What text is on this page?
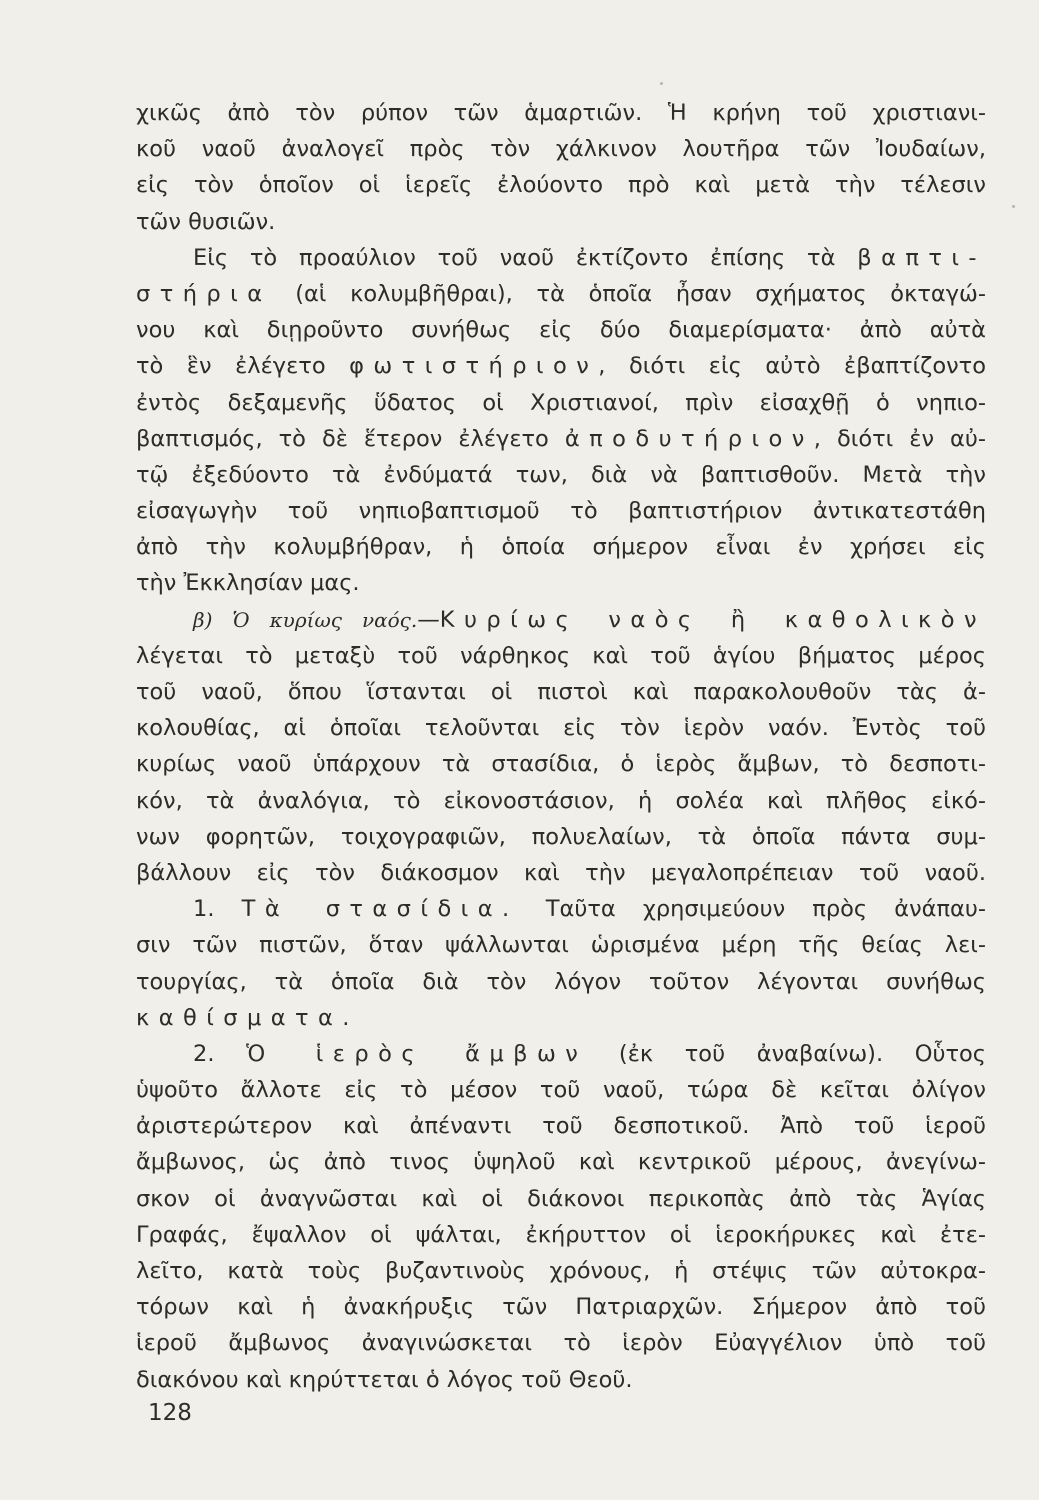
χικῶς ἀπὸ τὸν ρύπον τῶν ἁμαρτιῶν. Ἡ κρήνη τοῦ χριστιανι-
κοῦ ναοῦ ἀναλογεῖ πρὸς τὸν χάλκινον λουτῆρα τῶν Ἰουδαίων,
εἰς τὸν ὁποῖον οἱ ἱερεῖς ἐλούοντο πρὸ καὶ μετὰ τὴν τέλεσιν
τῶν θυσιῶν.
Εἰς τὸ προαύλιον τοῦ ναοῦ ἐκτίζοντο ἐπίσης τὰ βαπτι-
στήρια (αἱ κολυμβῆθραι), τὰ ὁποῖα ἦσαν σχήματος ὀκταγώ-
νου καὶ διῃροῦντο συνήθως εἰς δύο διαμερίσματα· ἀπὸ αὐτὰ
τὸ ἓν ἐλέγετο φωτιστήριον, διότι εἰς αὐτὸ ἐβαπτίζοντο
ἐντὸς δεξαμενῆς ὕδατος οἱ Χριστιανοί, πρὶν εἰσαχθῇ ὁ νηπιο-
βαπτισμός, τὸ δὲ ἕτερον ἐλέγετο ἀποδυτήριον, διότι ἐν αὐ-
τῷ ἐξεδύοντο τὰ ἐνδύματά των, διὰ νὰ βαπτισθοῦν. Μετὰ τὴν
εἰσαγωγὴν τοῦ νηπιοβαπτισμοῦ τὸ βαπτιστήριον ἀντικατεστάθη
ἀπὸ τὴν κολυμβήθραν, ἡ ὁποία σήμερον εἶναι ἐν χρήσει εἰς
τὴν Ἐκκλησίαν μας.
β) Ὁ κυρίως ναός.—Κυρίως ναὸς ἢ καθολικὸν
λέγεται τὸ μεταξὺ τοῦ νάρθηκος καὶ τοῦ ἁγίου βήματος μέρος
τοῦ ναοῦ, ὅπου ἵστανται οἱ πιστοὶ καὶ παρακολουθοῦν τὰς ἀ-
κολουθίας, αἱ ὁποῖαι τελοῦνται εἰς τὸν ἱερὸν ναόν. Ἐντὸς τοῦ
κυρίως ναοῦ ὑπάρχουν τὰ στασίδια, ὁ ἱερὸς ἄμβων, τὸ δεσποτι-
κόν, τὰ ἀναλόγια, τὸ εἰκονοστάσιον, ἡ σολέα καὶ πλῆθος εἰκό-
νων φορητῶν, τοιχογραφιῶν, πολυελαίων, τὰ ὁποῖα πάντα συμ-
βάλλουν εἰς τὸν διάκοσμον καὶ τὴν μεγαλοπρέπειαν τοῦ ναοῦ.
1. Τὰ στασίδια. Ταῦτα χρησιμεύουν πρὸς ἀνάπαυ-
σιν τῶν πιστῶν, ὅταν ψάλλωνται ὡρισμένα μέρη τῆς θείας λει-
τουργίας, τὰ ὁποῖα διὰ τὸν λόγον τοῦτον λέγονται συνήθως
καθίσματα.
2. Ὁ ἱερὸς ἄμβων (ἐκ τοῦ ἀναβαίνω). Οὗτος
ὑψοῦτο ἄλλοτε εἰς τὸ μέσον τοῦ ναοῦ, τώρα δὲ κεῖται ὀλίγον
ἀριστερώτερον καὶ ἀπέναντι τοῦ δεσποτικοῦ. Ἀπὸ τοῦ ἱεροῦ
ἄμβωνος, ὡς ἀπὸ τινος ὑψηλοῦ καὶ κεντρικοῦ μέρους, ἀνεγίνω-
σκον οἱ ἀναγνῶσται καὶ οἱ διάκονοι περικοπὰς ἀπὸ τὰς Ἁγίας
Γραφάς, ἔψαλλον οἱ ψάλται, ἐκήρυττον οἱ ἱεροκήρυκες καὶ ἐτε-
λεῖτο, κατὰ τοὺς βυζαντινοὺς χρόνους, ἡ στέψις τῶν αὐτοκρα-
τόρων καὶ ἡ ἀνακήρυξις τῶν Πατριαρχῶν. Σήμερον ἀπὸ τοῦ
ἱεροῦ ἄμβωνος ἀναγινώσκεται τὸ ἱερὸν Εὐαγγέλιον ὑπὸ τοῦ
διακόνου καὶ κηρύττεται ὁ λόγος τοῦ Θεοῦ.
128
